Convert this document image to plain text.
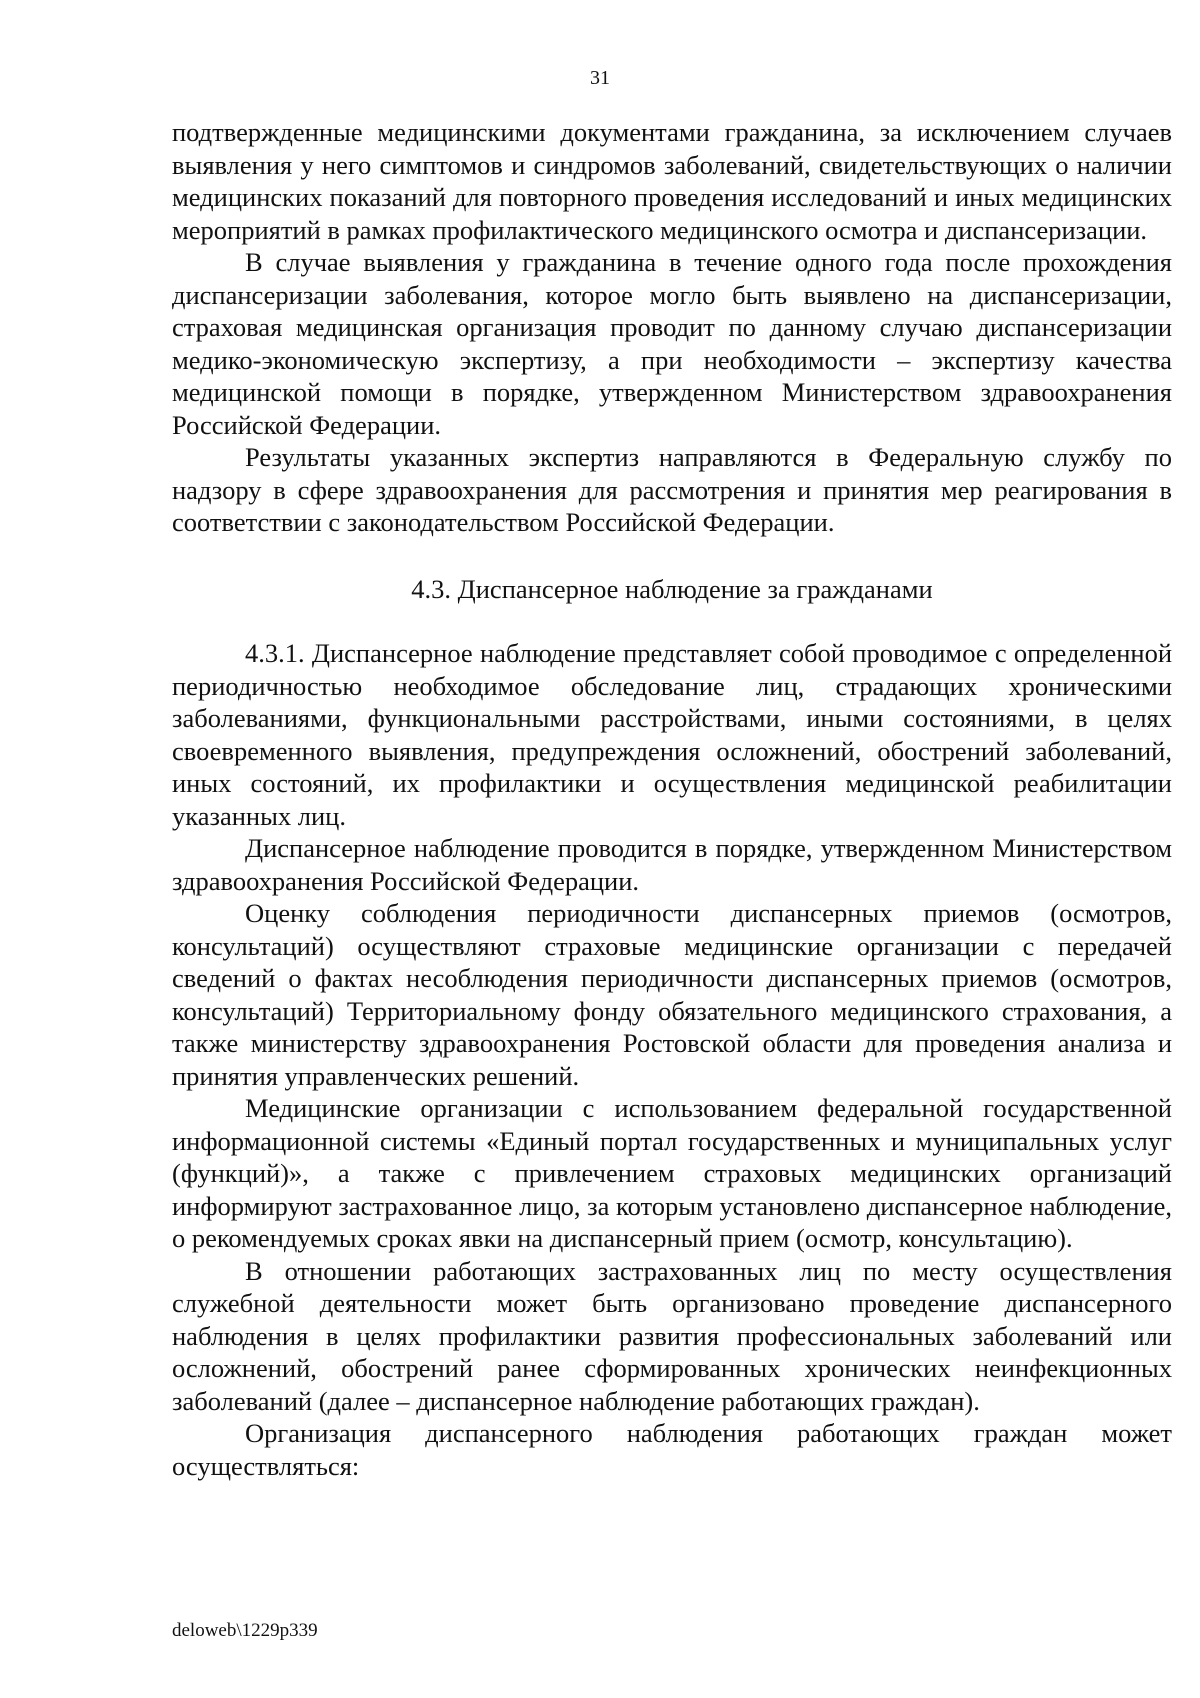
31

подтвержденные медицинскими документами гражданина, за исключением случаев выявления у него симптомов и синдромов заболеваний, свидетельствующих о наличии медицинских показаний для повторного проведения исследований и иных медицинских мероприятий в рамках профилактического медицинского осмотра и диспансеризации.

В случае выявления у гражданина в течение одного года после прохождения диспансеризации заболевания, которое могло быть выявлено на диспансеризации, страховая медицинская организация проводит по данному случаю диспансеризации медико-экономическую экспертизу, а при необходимости – экспертизу качества медицинской помощи в порядке, утвержденном Министерством здравоохранения Российской Федерации.

Результаты указанных экспертиз направляются в Федеральную службу по надзору в сфере здравоохранения для рассмотрения и принятия мер реагирования в соответствии с законодательством Российской Федерации.

4.3. Диспансерное наблюдение за гражданами

4.3.1. Диспансерное наблюдение представляет собой проводимое с определенной периодичностью необходимое обследование лиц, страдающих хроническими заболеваниями, функциональными расстройствами, иными состояниями, в целях своевременного выявления, предупреждения осложнений, обострений заболеваний, иных состояний, их профилактики и осуществления медицинской реабилитации указанных лиц.

Диспансерное наблюдение проводится в порядке, утвержденном Министерством здравоохранения Российской Федерации.

Оценку соблюдения периодичности диспансерных приемов (осмотров, консультаций) осуществляют страховые медицинские организации с передачей сведений о фактах несоблюдения периодичности диспансерных приемов (осмотров, консультаций) Территориальному фонду обязательного медицинского страхования, а также министерству здравоохранения Ростовской области для проведения анализа и принятия управленческих решений.

Медицинские организации с использованием федеральной государственной информационной системы «Единый портал государственных и муниципальных услуг (функций)», а также с привлечением страховых медицинских организаций информируют застрахованное лицо, за которым установлено диспансерное наблюдение, о рекомендуемых сроках явки на диспансерный прием (осмотр, консультацию).

В отношении работающих застрахованных лиц по месту осуществления служебной деятельности может быть организовано проведение диспансерного наблюдения в целях профилактики развития профессиональных заболеваний или осложнений, обострений ранее сформированных хронических неинфекционных заболеваний (далее – диспансерное наблюдение работающих граждан).

Организация диспансерного наблюдения работающих граждан может осуществляться:

deloweb\1229p339
